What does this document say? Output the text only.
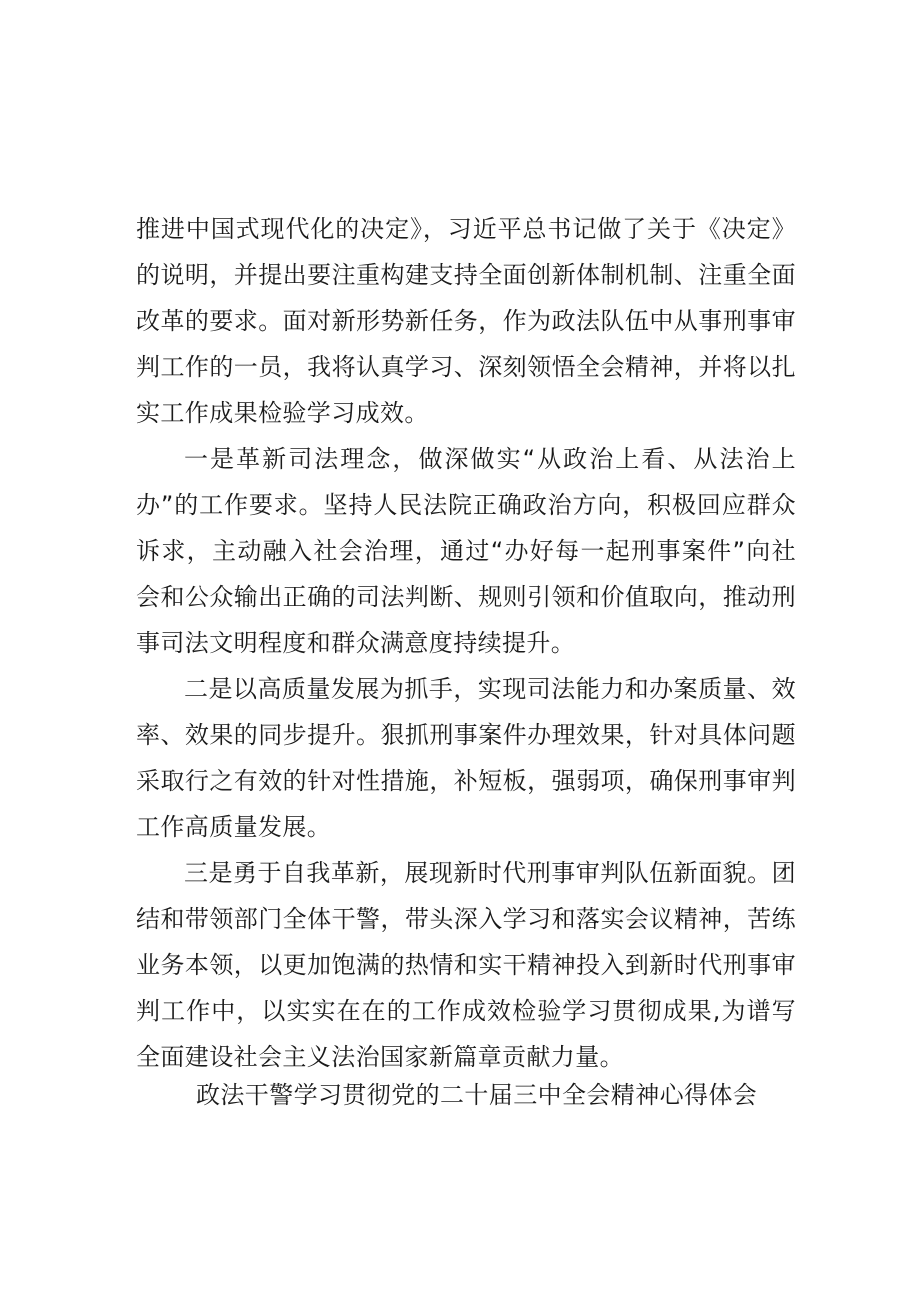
推进中国式现代化的决定》，习近平总书记做了关于《决定》的说明，并提出要注重构建支持全面创新体制机制、注重全面改革的要求。面对新形势新任务，作为政法队伍中从事刑事审判工作的一员，我将认真学习、深刻领悟全会精神，并将以扎实工作成果检验学习成效。

一是革新司法理念，做深做实“从政治上看、从法治上办”的工作要求。坚持人民法院正确政治方向，积极回应群众诉求，主动融入社会治理，通过“办好每一起刑事案件”向社会和公众输出正确的司法判断、规则引领和价值取向，推动刑事司法文明程度和群众满意度持续提升。

二是以高质量发展为抓手，实现司法能力和办案质量、效率、效果的同步提升。狠抓刑事案件办理效果，针对具体问题采取行之有效的针对性措施，补短板，强弱项，确保刑事审判工作高质量发展。

三是勇于自我革新，展现新时代刑事审判队伍新面貌。团结和带领部门全体干警，带头深入学习和落实会议精神，苦练业务本领，以更加饱满的热情和实干精神投入到新时代刑事审判工作中，以实实在在的工作成效检验学习贯彻成果,为谱写全面建设社会主义法治国家新篇章贡献力量。

政法干警学习贯彻党的二十届三中全会精神心得体会
